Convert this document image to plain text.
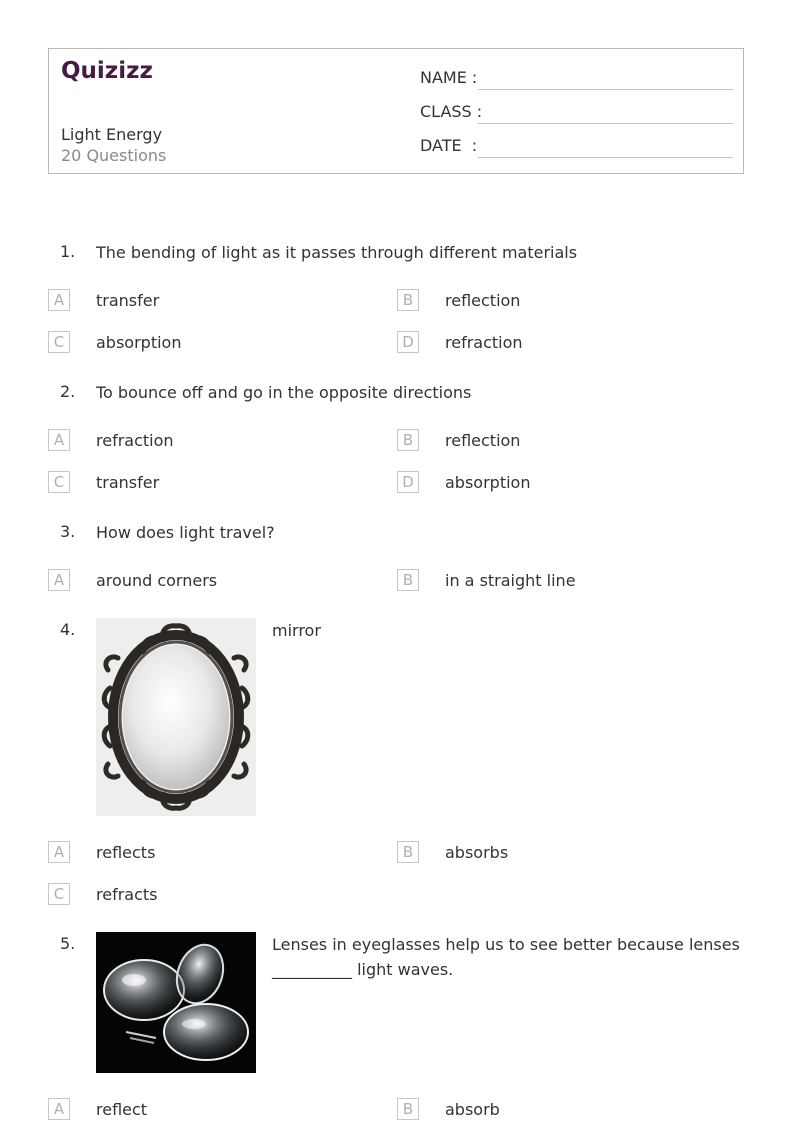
Quizizz
Light Energy
20 Questions
NAME :
CLASS :
DATE  :
1. The bending of light as it passes through different materials
A	transfer	B	reflection
C	absorption	D	refraction
2. To bounce off and go in the opposite directions
A	refraction	B	reflection
C	transfer	D	absorption
3. How does light travel?
A	around corners	B	in a straight line
4.	mirror
A	reflects	B	absorbs
C	refracts
5.	Lenses in eyeglasses help us to see better because lenses
__________ light waves.
A	reflect	B	absorb
